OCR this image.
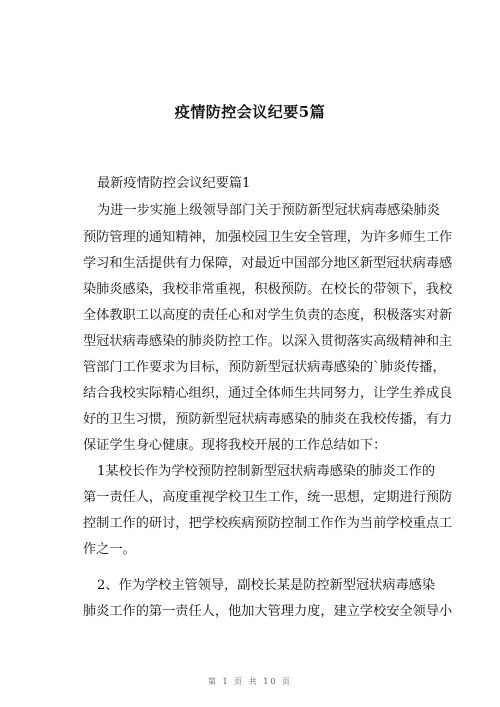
疫情防控会议纪要5篇
最新疫情防控会议纪要篇1
为进一步实施上级领导部门关于预防新型冠状病毒感染肺炎
预防管理的通知精神，加强校园卫生安全管理，为许多师生工作
学习和生活提供有力保障，对最近中国部分地区新型冠状病毒感
染肺炎感染，我校非常重视，积极预防。在校长的带领下，我校
全体教职工以高度的责任心和对学生负责的态度，积极落实对新
型冠状病毒感染的肺炎防控工作。以深入贯彻落实高级精神和主
管部门工作要求为目标，预防新型冠状病毒感染的`肺炎传播，
结合我校实际精心组织，通过全体师生共同努力，让学生养成良
好的卫生习惯，预防新型冠状病毒感染的肺炎在我校传播，有力
保证学生身心健康。现将我校开展的工作总结如下：
1某校长作为学校预防控制新型冠状病毒感染的肺炎工作的
第一责任人，高度重视学校卫生工作，统一思想，定期进行预防
控制工作的研讨，把学校疾病预防控制工作作为当前学校重点工
作之一。
2、作为学校主管领导，副校长某是防控新型冠状病毒感染
肺炎工作的第一责任人，他加大管理力度，建立学校安全领导小
第 1 页 共 10 页
